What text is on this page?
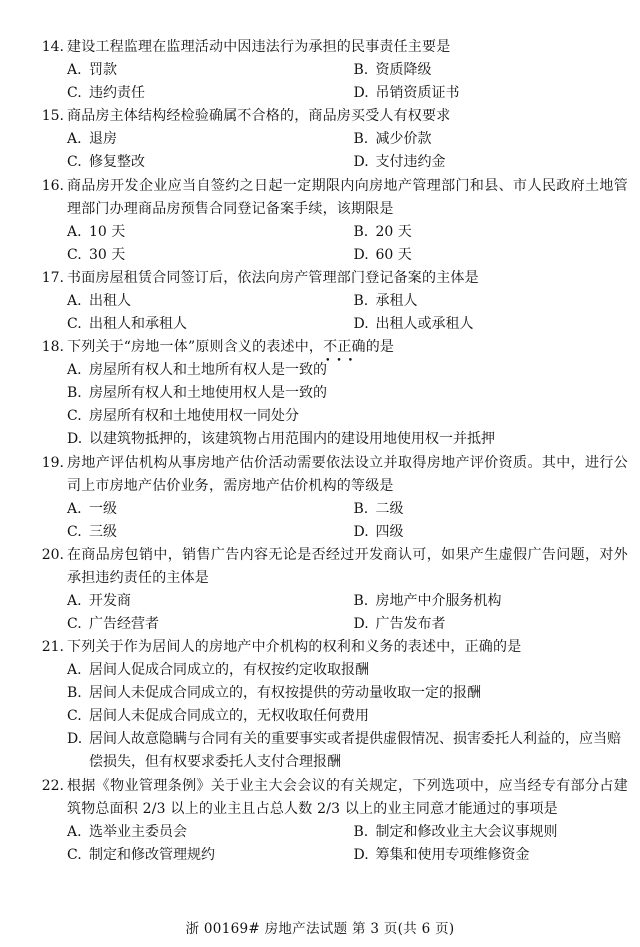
14. 建设工程监理在监理活动中因违法行为承担的民事责任主要是
A. 罚款	B. 资质降级
C. 违约责任	D. 吊销资质证书
15. 商品房主体结构经检验确属不合格的，商品房买受人有权要求
A. 退房	B. 减少价款
C. 修复整改	D. 支付违约金
16. 商品房开发企业应当自签约之日起一定期限内向房地产管理部门和县、市人民政府土地管理部门办理商品房预售合同登记备案手续，该期限是
A. 10 天	B. 20 天
C. 30 天	D. 60 天
17. 书面房屋租赁合同签订后，依法向房产管理部门登记备案的主体是
A. 出租人	B. 承租人
C. 出租人和承租人	D. 出租人或承租人
18. 下列关于“房地一体”原则含义的表述中，不正确 •••的是
A. 房屋所有权人和土地所有权人是一致的
B. 房屋所有权人和土地使用权人是一致的
C. 房屋所有权和土地使用权一同处分
D. 以建筑物抵押的，该建筑物占用范围内的建设用地使用权一并抵押
19. 房地产评估机构从事房地产估价活动需要依法设立并取得房地产评价资质。其中，进行公司上市房地产估价业务，需房地产估价机构的等级是
A. 一级	B. 二级
C. 三级	D. 四级
20. 在商品房包销中，销售广告内容无论是否经过开发商认可，如果产生虚假广告问题，对外承担违约责任的主体是
A. 开发商	B. 房地产中介服务机构
C. 广告经营者	D. 广告发布者
21. 下列关于作为居间人的房地产中介机构的权利和义务的表述中，正确的是
A. 居间人促成合同成立的，有权按约定收取报酬
B. 居间人未促成合同成立的，有权按提供的劳动量收取一定的报酬
C. 居间人未促成合同成立的，无权收取任何费用
D. 居间人故意隐瞒与合同有关的重要事实或者提供虚假情况、损害委托人利益的，应当赔偿损失，但有权要求委托人支付合理报酬
22. 根据《物业管理条例》关于业主大会会议的有关规定，下列选项中，应当经专有部分占建筑物总面积 2/3 以上的业主且占总人数 2/3 以上的业主同意才能通过的事项是
A. 选举业主委员会	B. 制定和修改业主大会议事规则
C. 制定和修改管理规约	D. 筹集和使用专项维修资金
浙 00169# 房地产法试题 第 3 页(共 6 页)
